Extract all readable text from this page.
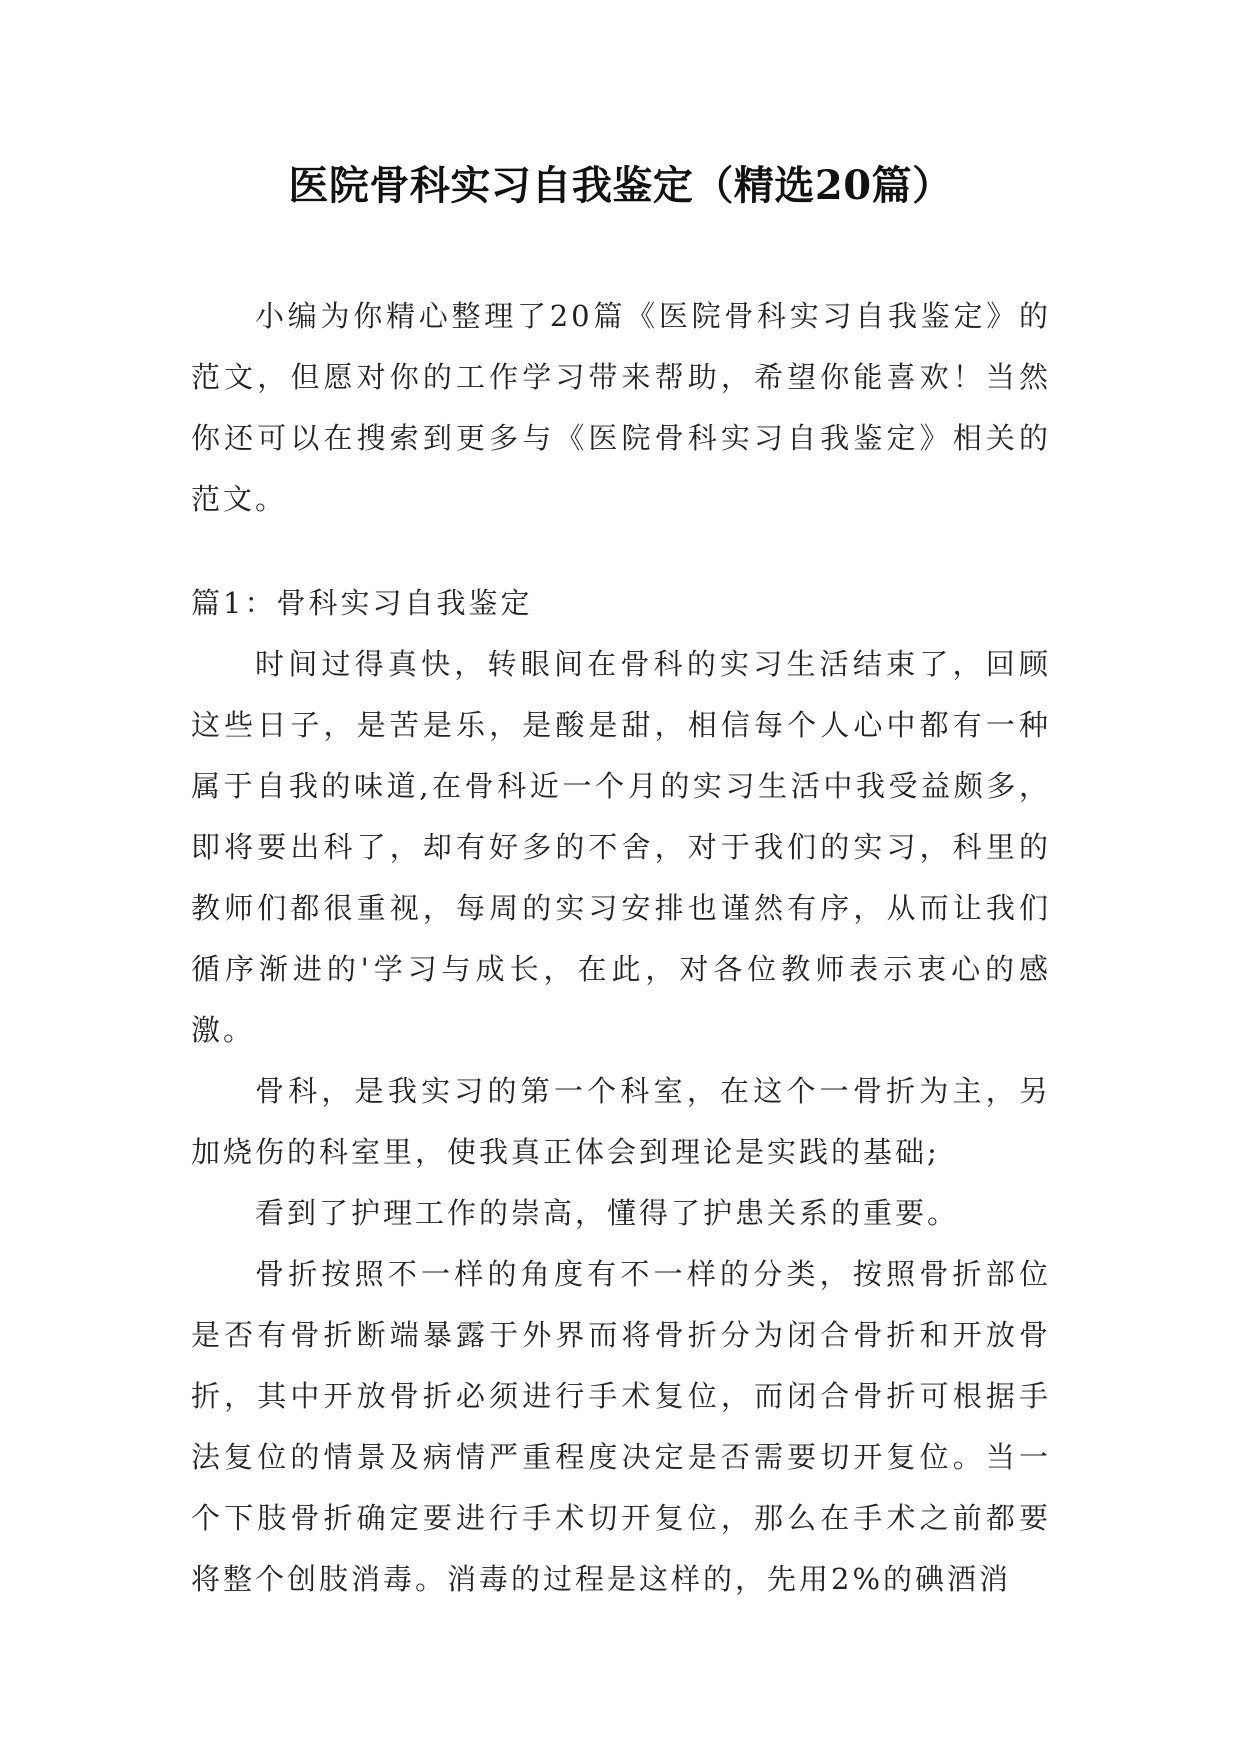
医院骨科实习自我鉴定（精选20篇）

小编为你精心整理了20篇《医院骨科实习自我鉴定》的范文，但愿对你的工作学习带来帮助，希望你能喜欢！当然你还可以在搜索到更多与《医院骨科实习自我鉴定》相关的范文。

篇1：骨科实习自我鉴定

时间过得真快，转眼间在骨科的实习生活结束了，回顾这些日子，是苦是乐，是酸是甜，相信每个人心中都有一种属于自我的味道,在骨科近一个月的实习生活中我受益颇多，即将要出科了，却有好多的不舍，对于我们的实习，科里的教师们都很重视，每周的实习安排也谨然有序，从而让我们循序渐进的'学习与成长，在此，对各位教师表示衷心的感激。

骨科，是我实习的第一个科室，在这个一骨折为主，另加烧伤的科室里，使我真正体会到理论是实践的基础;

看到了护理工作的崇高，懂得了护患关系的重要。

骨折按照不一样的角度有不一样的分类，按照骨折部位是否有骨折断端暴露于外界而将骨折分为闭合骨折和开放骨折，其中开放骨折必须进行手术复位，而闭合骨折可根据手法复位的情景及病情严重程度决定是否需要切开复位。当一个下肢骨折确定要进行手术切开复位，那么在手术之前都要将整个创肢消毒。消毒的过程是这样的，先用2%的碘酒消
